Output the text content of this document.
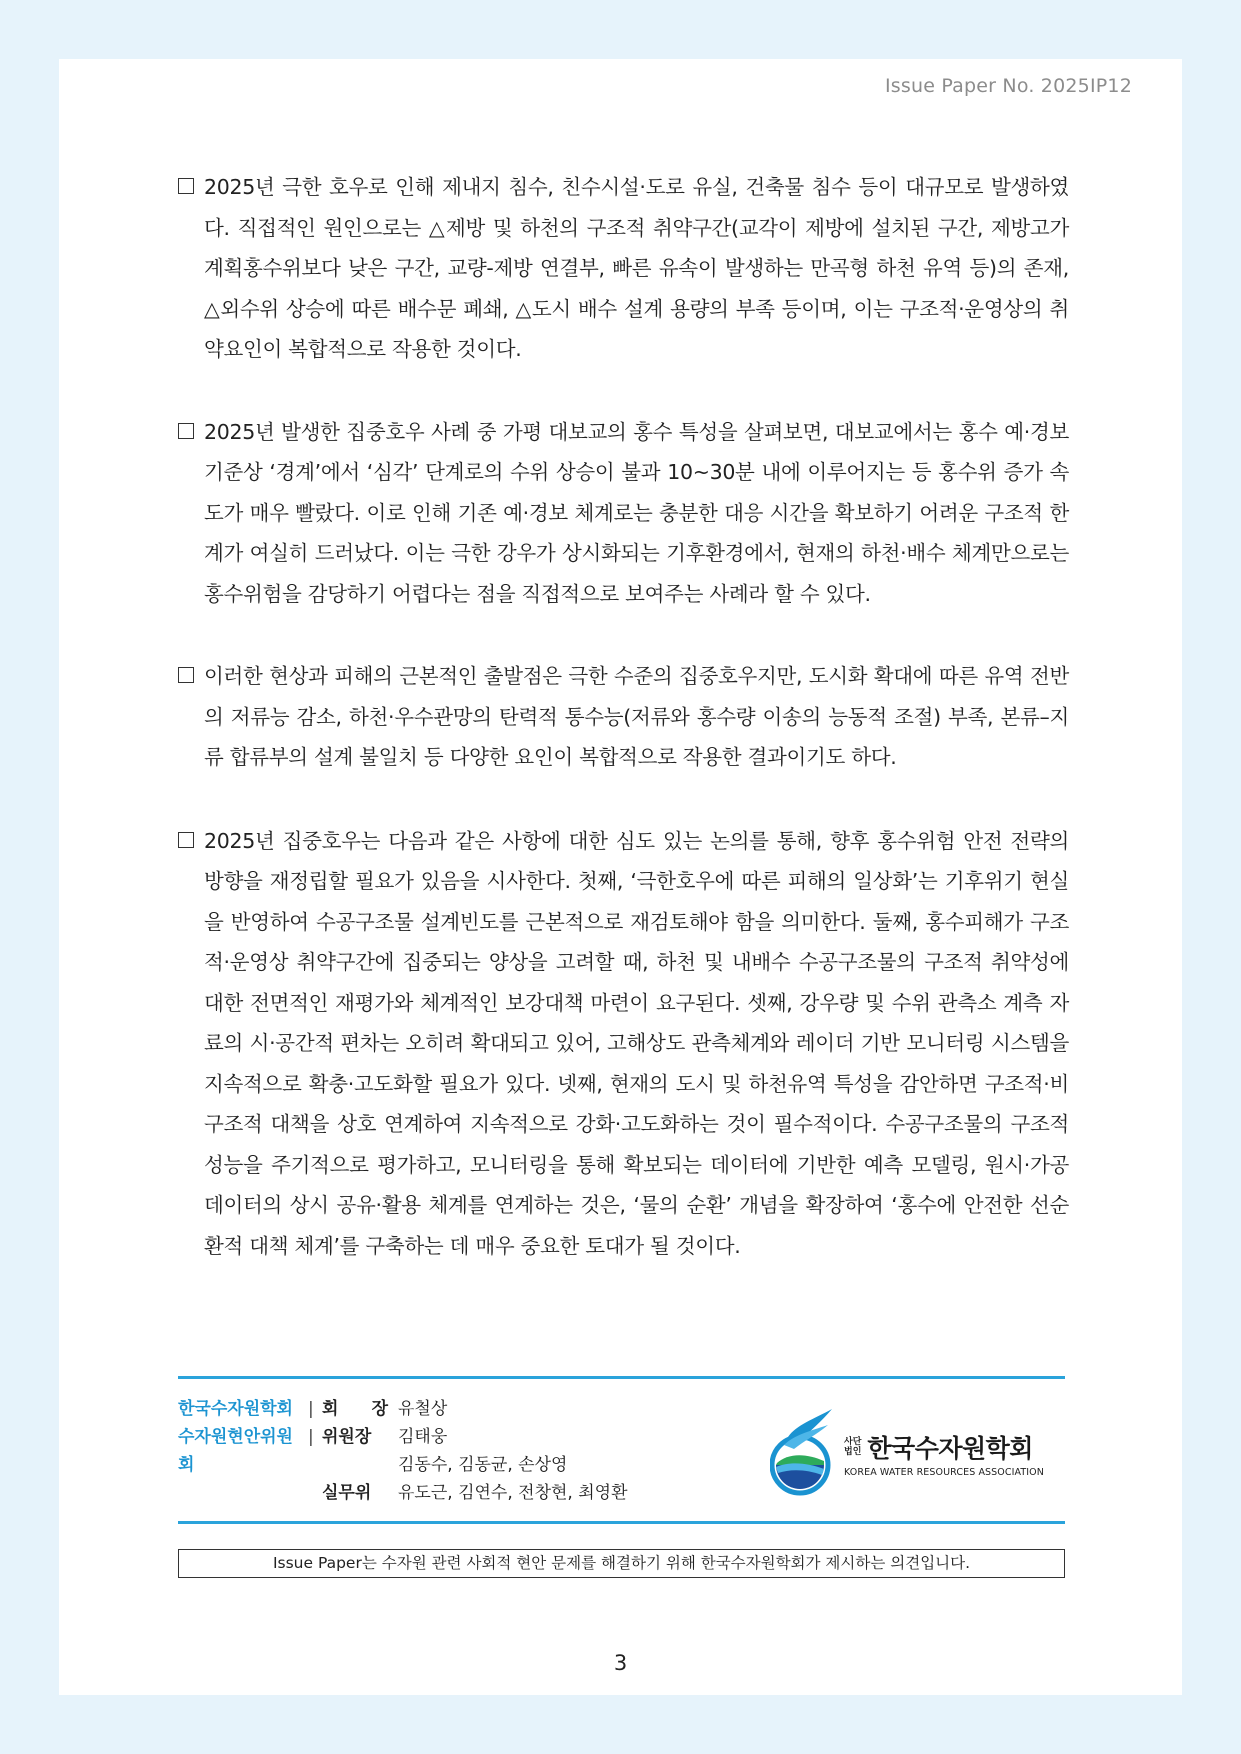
Issue Paper No. 2025IP12
2025년 극한 호우로 인해 제내지 침수, 친수시설·도로 유실, 건축물 침수 등이 대규모로 발생하였다. 직접적인 원인으로는 △제방 및 하천의 구조적 취약구간(교각이 제방에 설치된 구간, 제방고가 계획홍수위보다 낮은 구간, 교량-제방 연결부, 빠른 유속이 발생하는 만곡형 하천 유역 등)의 존재, △외수위 상승에 따른 배수문 폐쇄, △도시 배수 설계 용량의 부족 등이며, 이는 구조적·운영상의 취약요인이 복합적으로 작용한 것이다.
2025년 발생한 집중호우 사례 중 가평 대보교의 홍수 특성을 살펴보면, 대보교에서는 홍수 예·경보 기준상 ‘경계’에서 ‘심각’ 단계로의 수위 상승이 불과 10~30분 내에 이루어지는 등 홍수위 증가 속도가 매우 빨랐다. 이로 인해 기존 예·경보 체계로는 충분한 대응 시간을 확보하기 어려운 구조적 한계가 여실히 드러났다. 이는 극한 강우가 상시화되는 기후환경에서, 현재의 하천·배수 체계만으로는 홍수위험을 감당하기 어렵다는 점을 직접적으로 보여주는 사례라 할 수 있다.
이러한 현상과 피해의 근본적인 출발점은 극한 수준의 집중호우지만, 도시화 확대에 따른 유역 전반의 저류능 감소, 하천·우수관망의 탄력적 통수능(저류와 홍수량 이송의 능동적 조절) 부족, 본류–지류 합류부의 설계 불일치 등 다양한 요인이 복합적으로 작용한 결과이기도 하다.
2025년 집중호우는 다음과 같은 사항에 대한 심도 있는 논의를 통해, 향후 홍수위험 안전 전략의 방향을 재정립할 필요가 있음을 시사한다. 첫째, ‘극한호우에 따른 피해의 일상화’는 기후위기 현실을 반영하여 수공구조물 설계빈도를 근본적으로 재검토해야 함을 의미한다. 둘째, 홍수피해가 구조적·운영상 취약구간에 집중되는 양상을 고려할 때, 하천 및 내배수 수공구조물의 구조적 취약성에 대한 전면적인 재평가와 체계적인 보강대책 마련이 요구된다. 셋째, 강우량 및 수위 관측소 계측 자료의 시·공간적 편차는 오히려 확대되고 있어, 고해상도 관측체계와 레이더 기반 모니터링 시스템을 지속적으로 확충·고도화할 필요가 있다. 넷째, 현재의 도시 및 하천유역 특성을 감안하면 구조적·비구조적 대책을 상호 연계하여 지속적으로 강화·고도화하는 것이 필수적이다. 수공구조물의 구조적 성능을 주기적으로 평가하고, 모니터링을 통해 확보되는 데이터에 기반한 예측 모델링, 원시·가공 데이터의 상시 공유·활용 체계를 연계하는 것은, ‘물의 순환’ 개념을 확장하여 ‘홍수에 안전한 선순환적 대책 체계’를 구축하는 데 매우 중요한 토대가 될 것이다.
한국수자원학회 | 회 장 유철상
수자원현안위원회
| 위원장	김태웅
김동수, 김동균, 손상영
실무위	유도근, 김연수, 전창현, 최영환
사단
법인 한국수자원학회
KOREA WATER RESOURCES ASSOCIATION
Issue Paper는 수자원 관련 사회적 현안 문제를 해결하기 위해 한국수자원학회가 제시하는 의견입니다.
3
